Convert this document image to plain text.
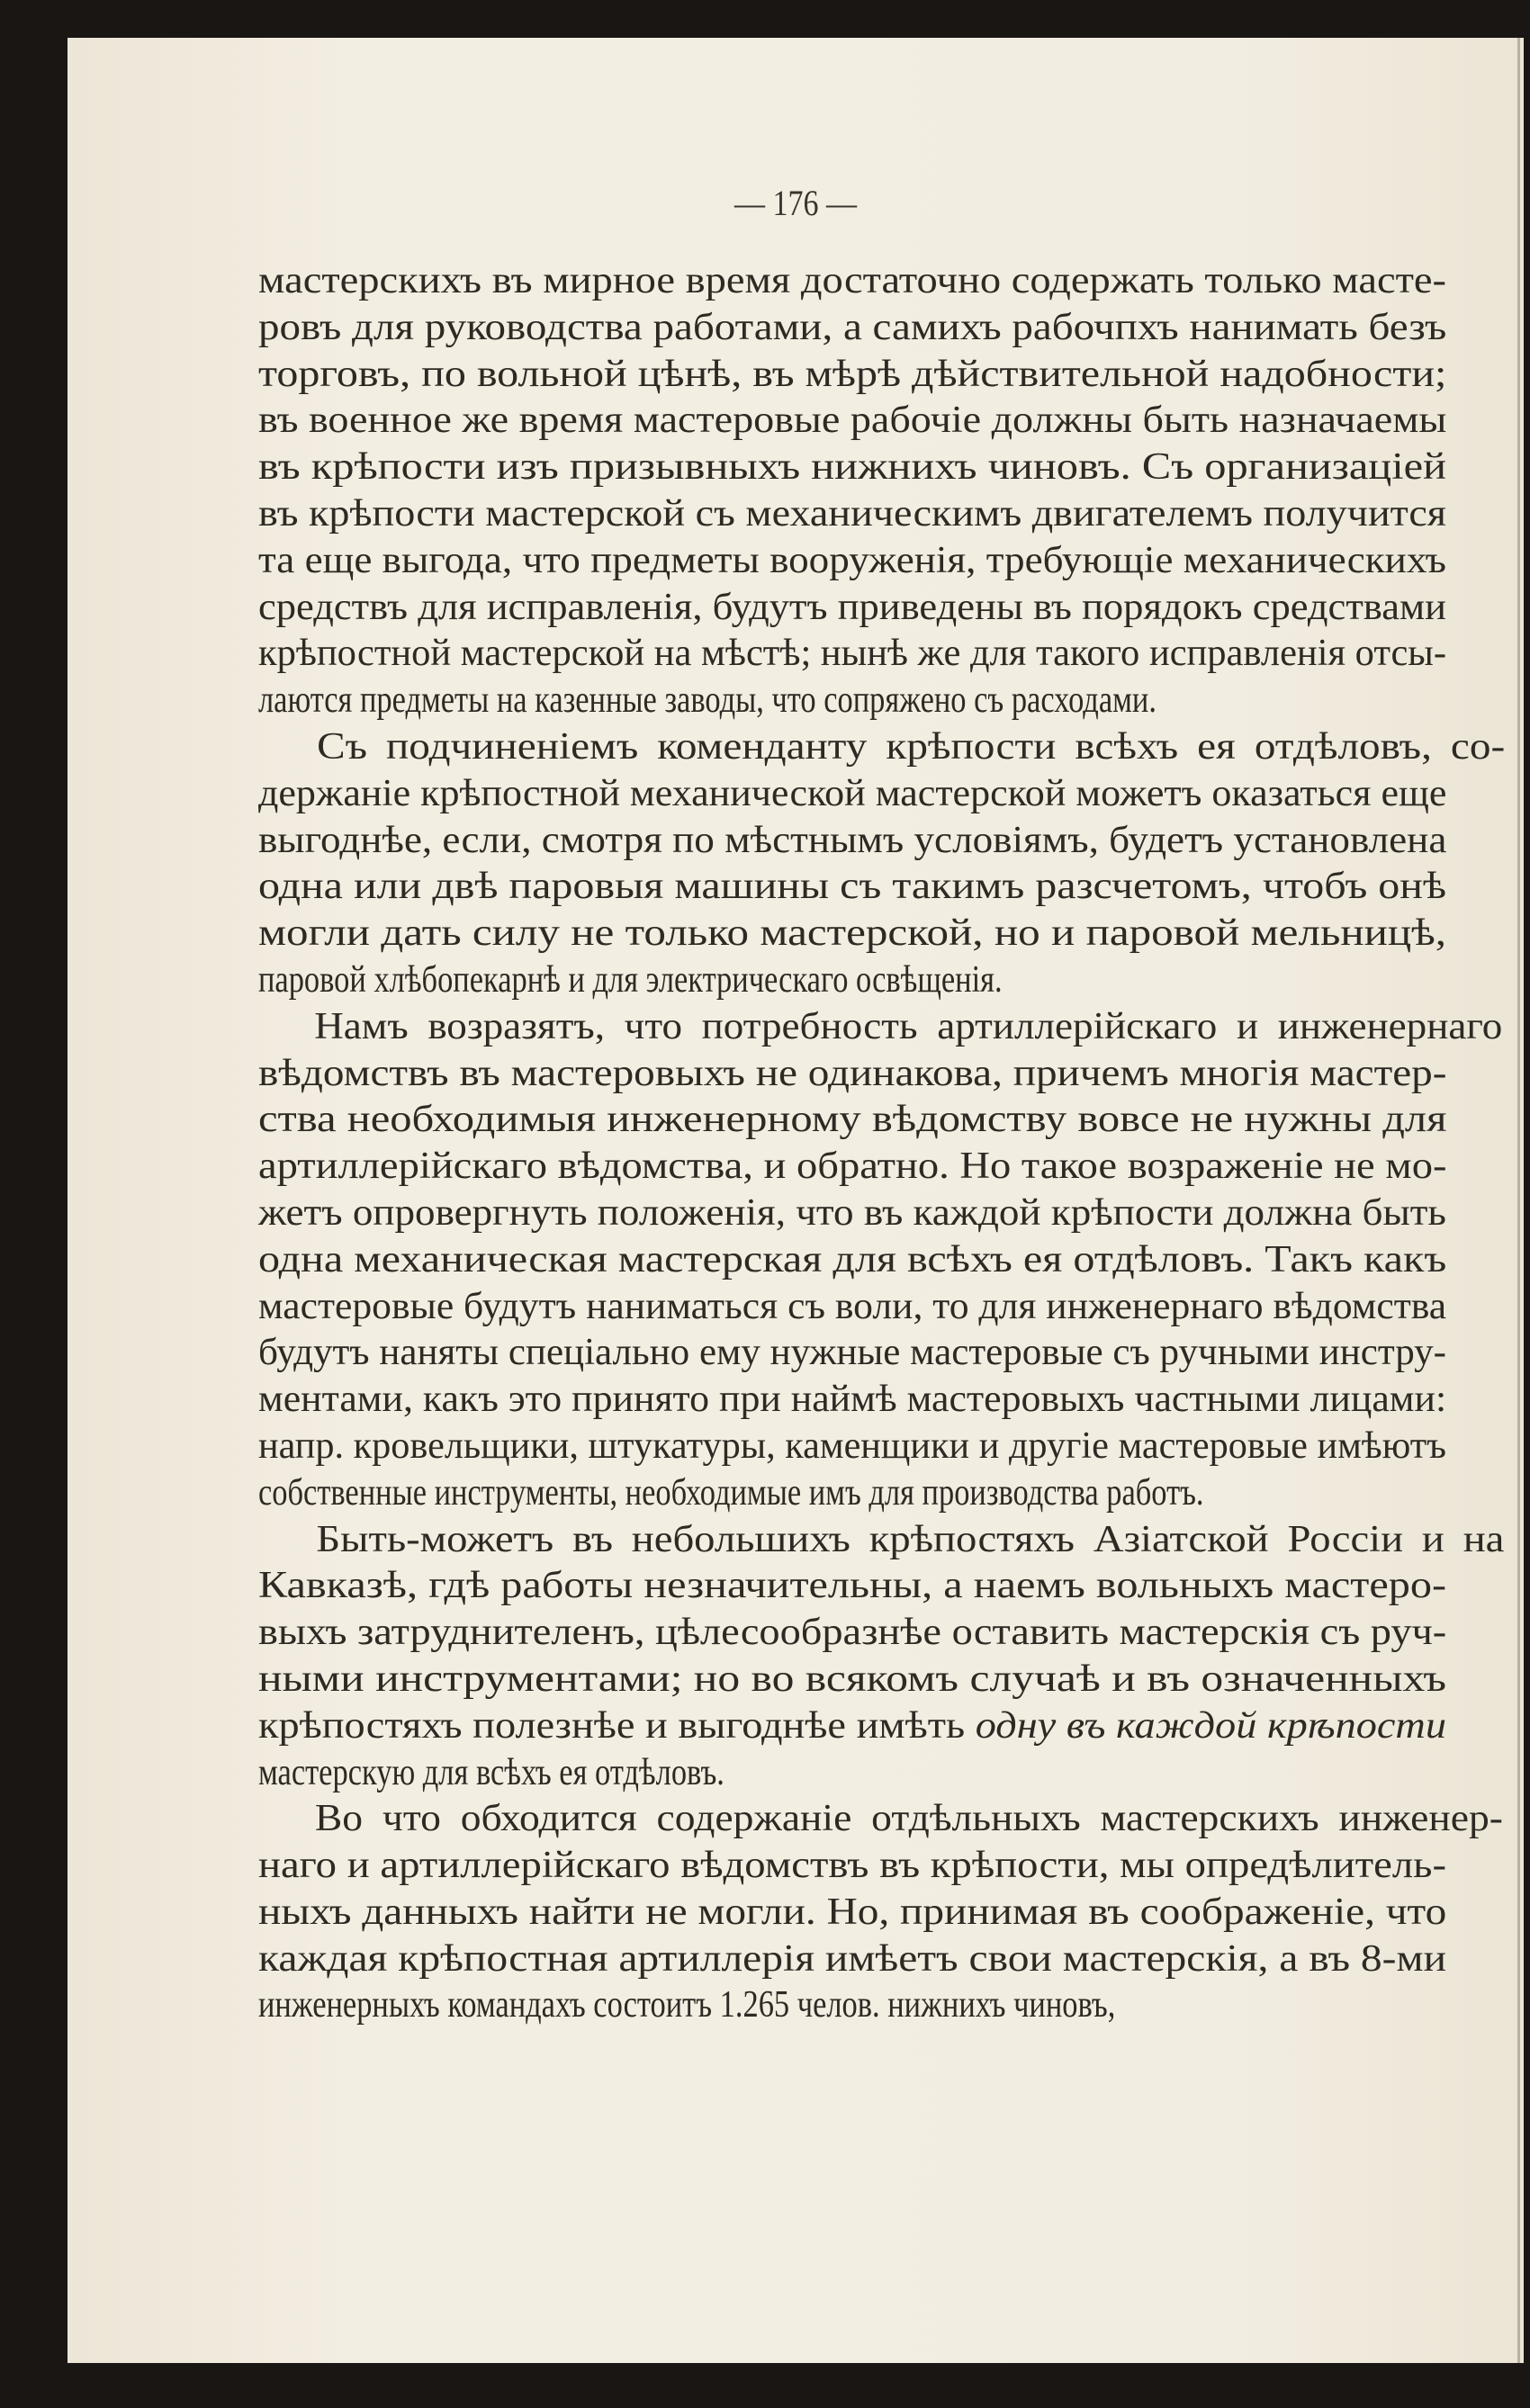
— 176 —
мастерскихъ въ мирное время достаточно содержать только масте-
ровъ для руководства работами, а самихъ рабочпхъ нанимать безъ
торговъ, по вольной цѣнѣ, въ мѣрѣ дѣйствительной надобности;
въ военное же время мастеровые рабочіе должны быть назначаемы
въ крѣпости изъ призывныхъ нижнихъ чиновъ. Съ организаціей
въ крѣпости мастерской съ механическимъ двигателемъ получится
та еще выгода, что предметы вооруженія, требующіе механическихъ
средствъ для исправленія, будутъ приведены въ порядокъ средствами
крѣпостной мастерской на мѣстѣ; нынѣ же для такого исправленія отсы-
лаются предметы на казенные заводы, что сопряжено съ расходами.
Съ подчиненіемъ коменданту крѣпости всѣхъ ея отдѣловъ, со-
держаніе крѣпостной механической мастерской можетъ оказаться еще
выгоднѣе, если, смотря по мѣстнымъ условіямъ, будетъ установлена
одна или двѣ паровыя машины съ такимъ разсчетомъ, чтобъ онѣ
могли дать силу не только мастерской, но и паровой мельницѣ,
паровой хлѣбопекарнѣ и для электрическаго освѣщенія.
Намъ возразятъ, что потребность артиллерійскаго и инженернаго
вѣдомствъ въ мастеровыхъ не одинакова, причемъ многія мастер-
ства необходимыя инженерному вѣдомству вовсе не нужны для
артиллерійскаго вѣдомства, и обратно. Но такое возраженіе не мо-
жетъ опровергнуть положенія, что въ каждой крѣпости должна быть
одна механическая мастерская для всѣхъ ея отдѣловъ. Такъ какъ
мастеровые будутъ наниматься съ воли, то для инженернаго вѣдомства
будутъ наняты спеціально ему нужные мастеровые съ ручными инстру-
ментами, какъ это принято при наймѣ мастеровыхъ частными лицами:
напр. кровельщики, штукатуры, каменщики и другіе мастеровые имѣютъ
собственные инструменты, необходимые имъ для производства работъ.
Быть-можетъ въ небольшихъ крѣпостяхъ Азіатской Россіи и на
Кавказѣ, гдѣ работы незначительны, а наемъ вольныхъ мастеро-
выхъ затруднителенъ, цѣлесообразнѣе оставить мастерскія съ руч-
ными инструментами; но во всякомъ случаѣ и въ означенныхъ
крѣпостяхъ полезнѣе и выгоднѣе имѣть одну въ каждой крѣпости
мастерскую для всѣхъ ея отдѣловъ.
Во что обходится содержаніе отдѣльныхъ мастерскихъ инженер-
наго и артиллерійскаго вѣдомствъ въ крѣпости, мы опредѣлитель-
ныхъ данныхъ найти не могли. Но, принимая въ соображеніе, что
каждая крѣпостная артиллерія имѣетъ свои мастерскія, а въ 8-ми
инженерныхъ командахъ состоитъ 1.265 челов. нижнихъ чиновъ,
